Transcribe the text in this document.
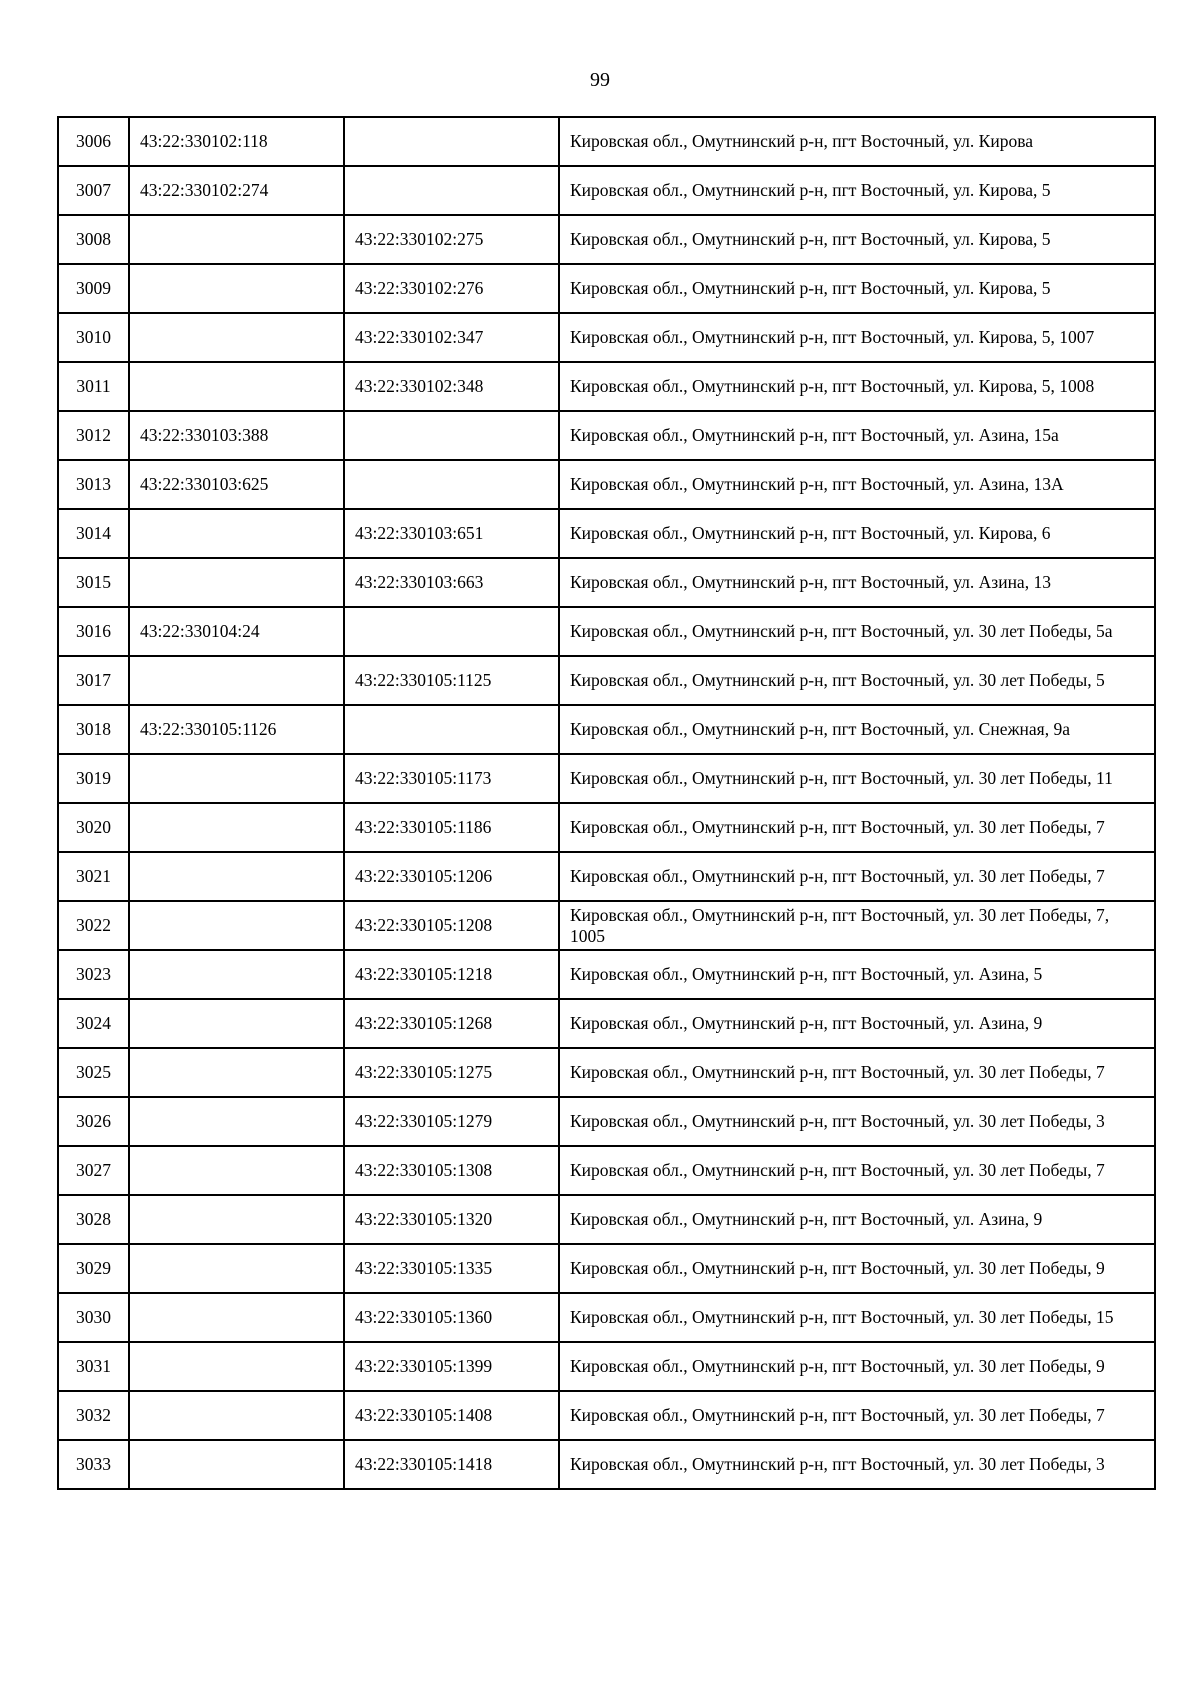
99
3006	43:22:330102:118		Кировская обл., Омутнинский р-н, пгт Восточный, ул. Кирова
3007	43:22:330102:274		Кировская обл., Омутнинский р-н, пгт Восточный, ул. Кирова, 5
3008		43:22:330102:275	Кировская обл., Омутнинский р-н, пгт Восточный, ул. Кирова, 5
3009		43:22:330102:276	Кировская обл., Омутнинский р-н, пгт Восточный, ул. Кирова, 5
3010		43:22:330102:347	Кировская обл., Омутнинский р-н, пгт Восточный, ул. Кирова, 5, 1007
3011		43:22:330102:348	Кировская обл., Омутнинский р-н, пгт Восточный, ул. Кирова, 5, 1008
3012	43:22:330103:388		Кировская обл., Омутнинский р-н, пгт Восточный, ул. Азина, 15а
3013	43:22:330103:625		Кировская обл., Омутнинский р-н, пгт Восточный, ул. Азина, 13А
3014		43:22:330103:651	Кировская обл., Омутнинский р-н, пгт Восточный, ул. Кирова, 6
3015		43:22:330103:663	Кировская обл., Омутнинский р-н, пгт Восточный, ул. Азина, 13
3016	43:22:330104:24		Кировская обл., Омутнинский р-н, пгт Восточный, ул. 30 лет Победы, 5а
3017		43:22:330105:1125	Кировская обл., Омутнинский р-н, пгт Восточный, ул. 30 лет Победы, 5
3018	43:22:330105:1126		Кировская обл., Омутнинский р-н, пгт Восточный, ул. Снежная, 9а
3019		43:22:330105:1173	Кировская обл., Омутнинский р-н, пгт Восточный, ул. 30 лет Победы, 11
3020		43:22:330105:1186	Кировская обл., Омутнинский р-н, пгт Восточный, ул. 30 лет Победы, 7
3021		43:22:330105:1206	Кировская обл., Омутнинский р-н, пгт Восточный, ул. 30 лет Победы, 7
3022		43:22:330105:1208	Кировская обл., Омутнинский р-н, пгт Восточный, ул. 30 лет Победы, 7, 1005
3023		43:22:330105:1218	Кировская обл., Омутнинский р-н, пгт Восточный, ул. Азина, 5
3024		43:22:330105:1268	Кировская обл., Омутнинский р-н, пгт Восточный, ул. Азина, 9
3025		43:22:330105:1275	Кировская обл., Омутнинский р-н, пгт Восточный, ул. 30 лет Победы, 7
3026		43:22:330105:1279	Кировская обл., Омутнинский р-н, пгт Восточный, ул. 30 лет Победы, 3
3027		43:22:330105:1308	Кировская обл., Омутнинский р-н, пгт Восточный, ул. 30 лет Победы, 7
3028		43:22:330105:1320	Кировская обл., Омутнинский р-н, пгт Восточный, ул. Азина, 9
3029		43:22:330105:1335	Кировская обл., Омутнинский р-н, пгт Восточный, ул. 30 лет Победы, 9
3030		43:22:330105:1360	Кировская обл., Омутнинский р-н, пгт Восточный, ул. 30 лет Победы, 15
3031		43:22:330105:1399	Кировская обл., Омутнинский р-н, пгт Восточный, ул. 30 лет Победы, 9
3032		43:22:330105:1408	Кировская обл., Омутнинский р-н, пгт Восточный, ул. 30 лет Победы, 7
3033		43:22:330105:1418	Кировская обл., Омутнинский р-н, пгт Восточный, ул. 30 лет Победы, 3
